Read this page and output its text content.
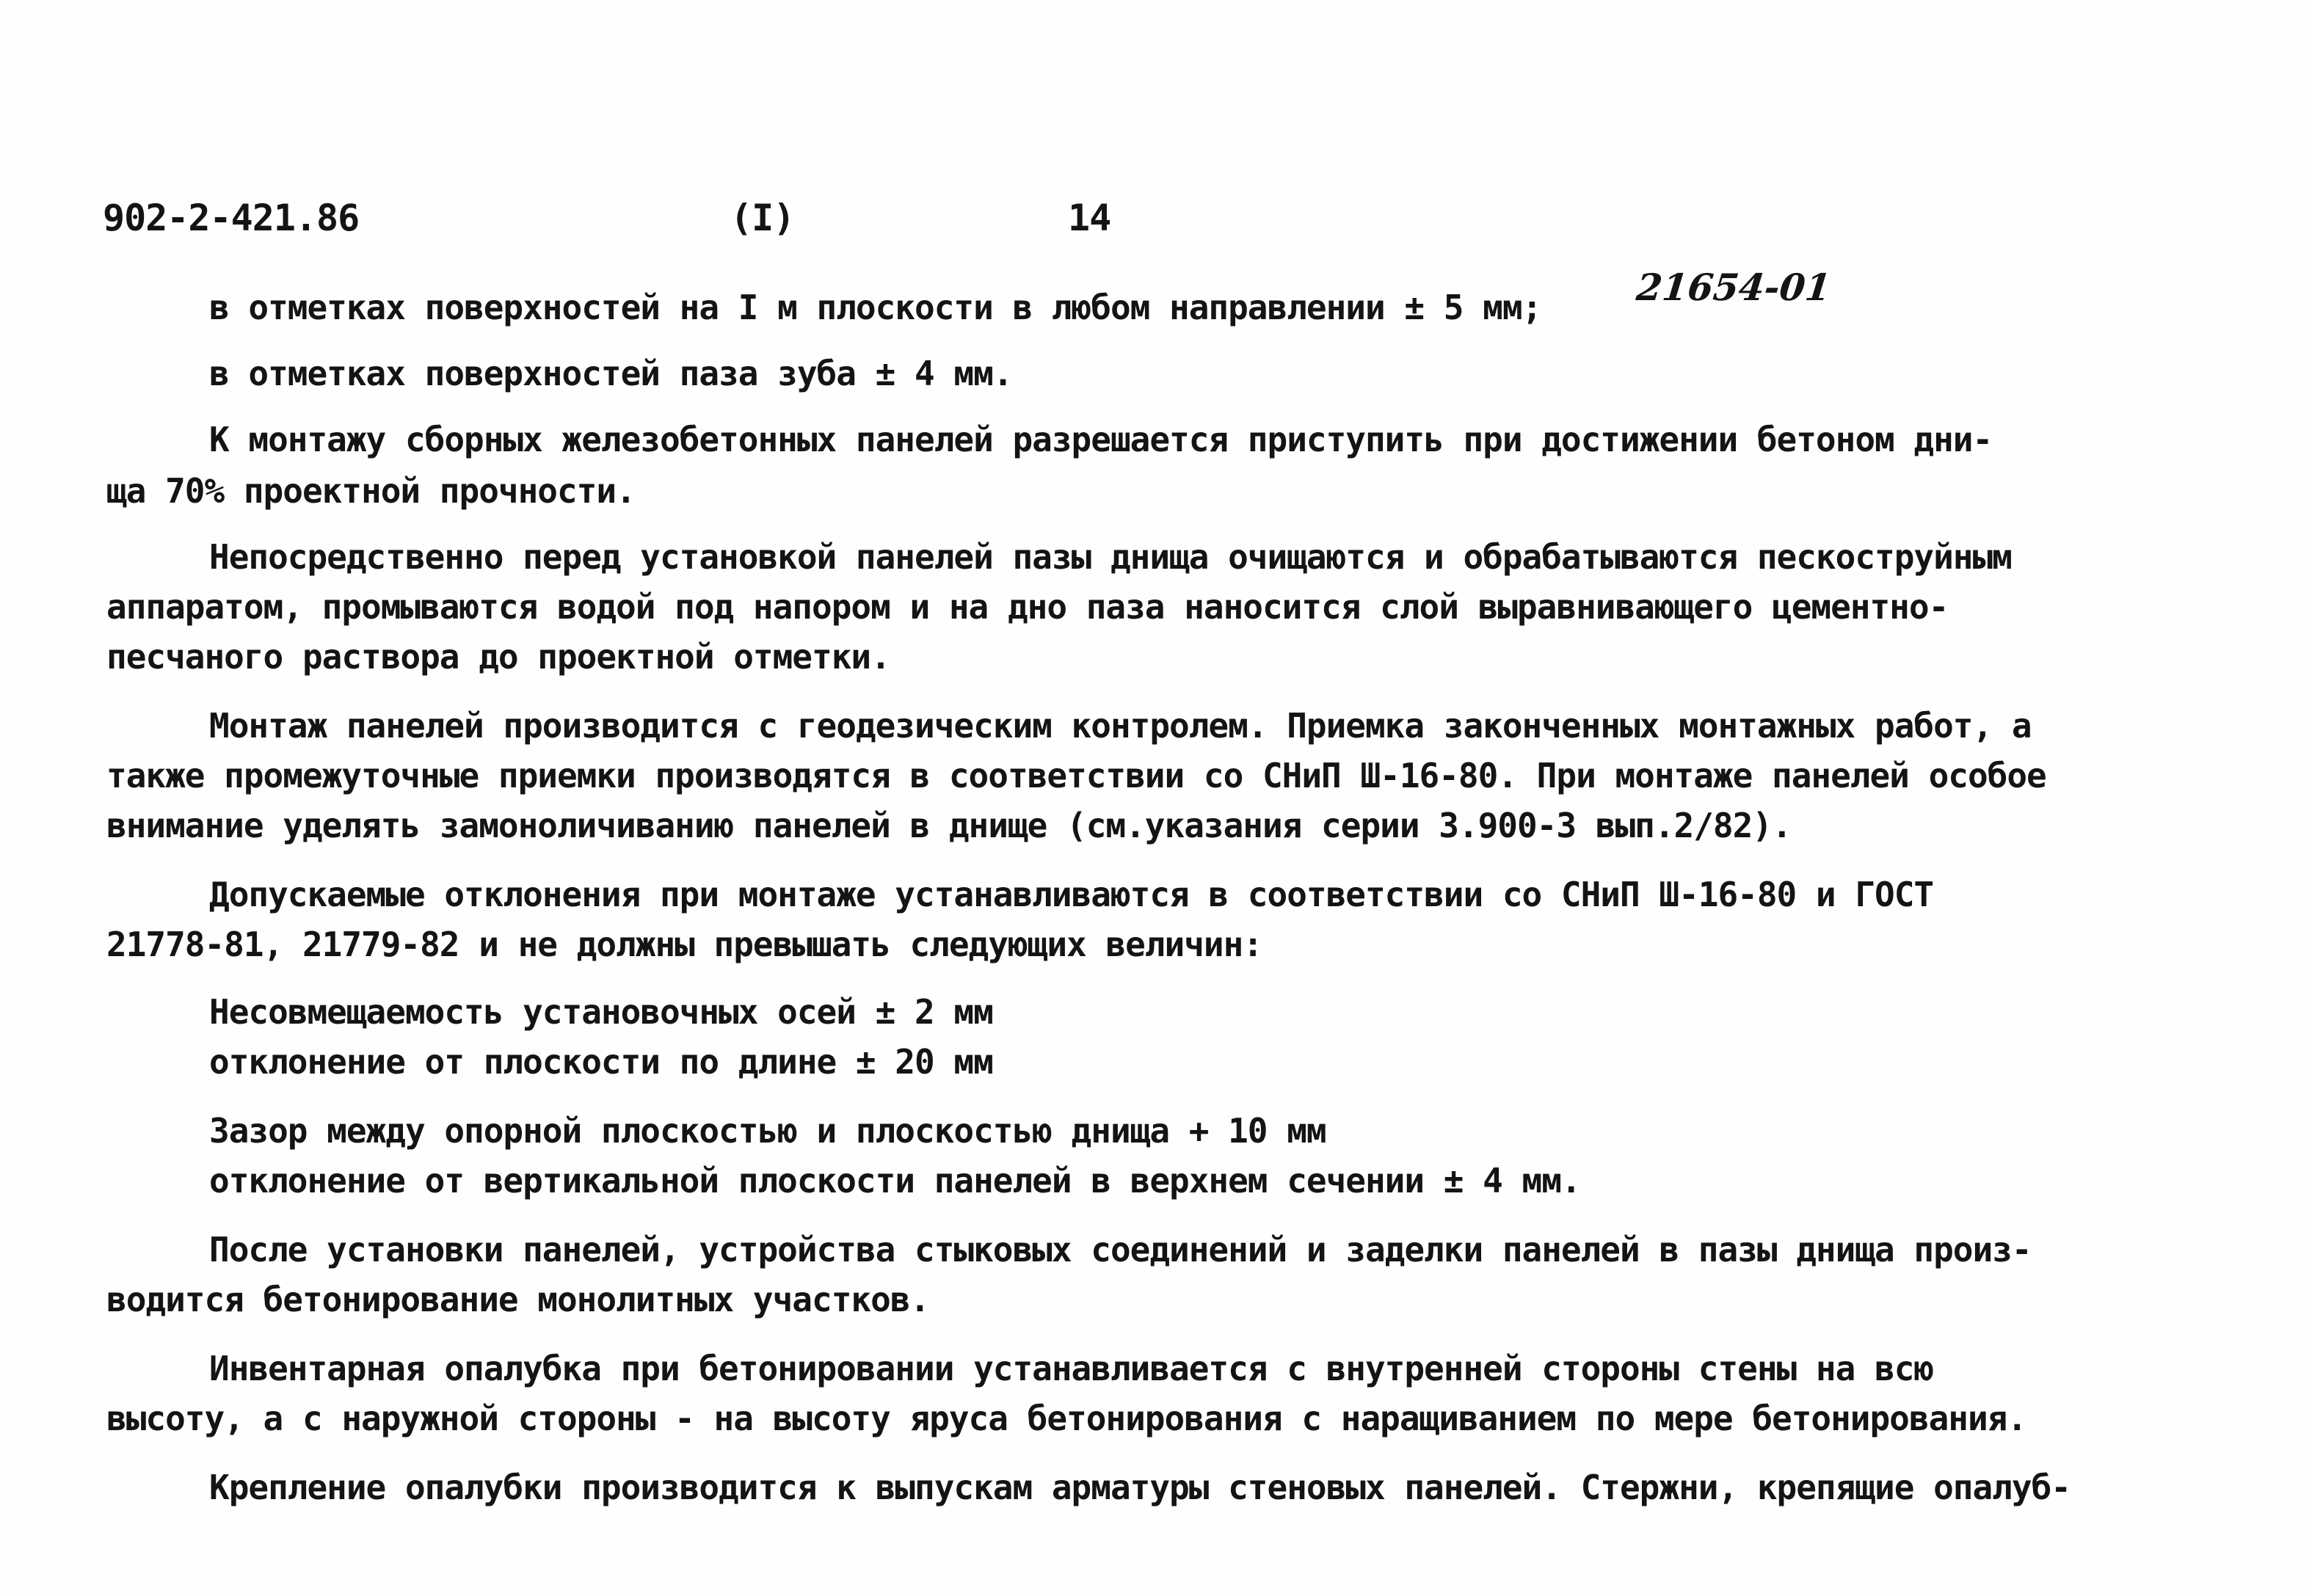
902-2-421.86	(I)	14

21654-01

в отметках поверхностей на I м плоскости в любом направлении ± 5 мм;

в отметках поверхностей паза зуба ± 4 мм.

К монтажу сборных железобетонных панелей разрешается приступить при достижении бетоном дни-

ща 70% проектной прочности.

Непосредственно перед установкой панелей пазы днища очищаются и обрабатываются пескоструйным

аппаратом, промываются водой под напором и на дно паза наносится слой выравнивающего цементно-

песчаного раствора до проектной отметки.

Монтаж панелей производится с геодезическим контролем. Приемка законченных монтажных работ, а

также промежуточные приемки производятся в соответствии со СНиП Ш-16-80. При монтаже панелей особое

внимание уделять замоноличиванию панелей в днище (см.указания серии 3.900-3 вып.2/82).

Допускаемые отклонения при монтаже устанавливаются в соответствии со СНиП Ш-16-80 и ГОСТ

21778-81, 21779-82 и не должны превышать следующих величин:

Несовмещаемость установочных осей ± 2 мм

отклонение от плоскости по длине ± 20 мм

Зазор между опорной плоскостью и плоскостью днища + 10 мм

отклонение от вертикальной плоскости панелей в верхнем сечении ± 4 мм.

После установки панелей, устройства стыковых соединений и заделки панелей в пазы днища произ-

водится бетонирование монолитных участков.

Инвентарная опалубка при бетонировании устанавливается с внутренней стороны стены на всю

высоту, а с наружной стороны - на высоту яруса бетонирования с наращиванием по мере бетонирования.

Крепление опалубки производится к выпускам арматуры стеновых панелей. Стержни, крепящие опалуб-
